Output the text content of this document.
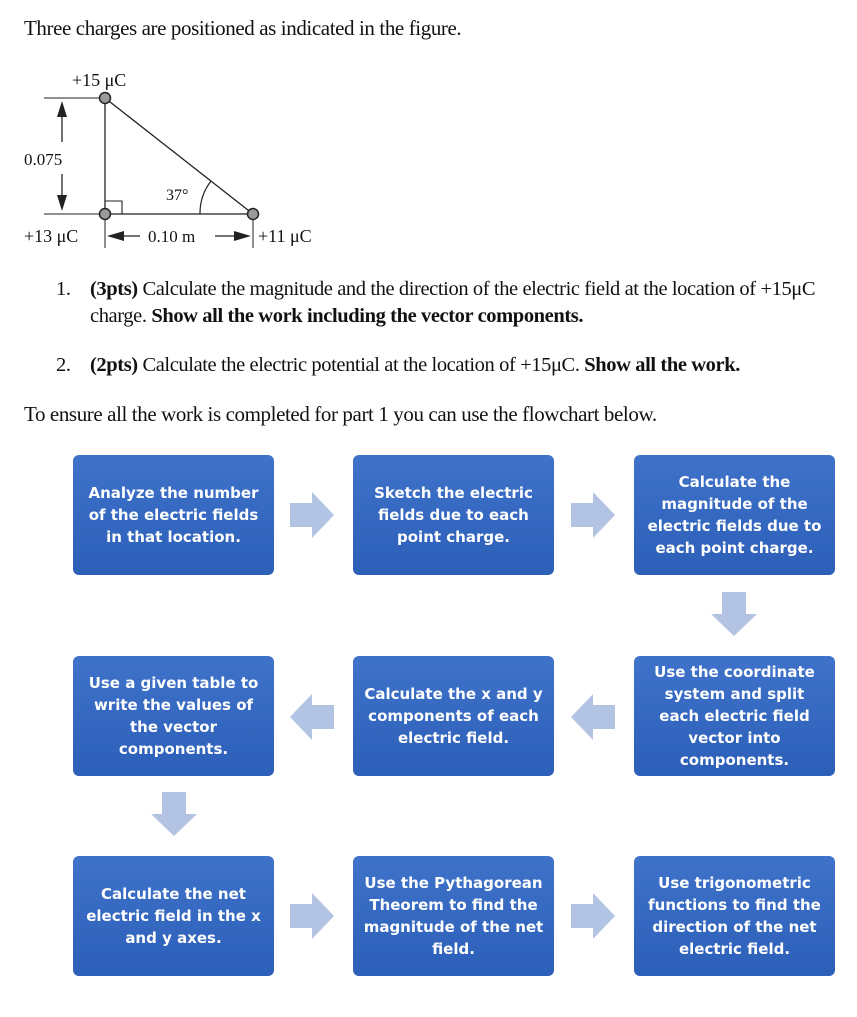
Three charges are positioned as indicated in the figure.

+15 μC
+13 μC	+11 μC
0.075
0.10 m
37°
1. (3pts) Calculate the magnitude and the direction of the electric field at the location of +15μC charge. Show all the work including the vector components.
2. (2pts) Calculate the electric potential at the location of +15μC. Show all the work.

To ensure all the work is completed for part 1 you can use the flowchart below.

Analyze the number of the electric fields in that location.
Sketch the electric fields due to each point charge.
Calculate the magnitude of the electric fields due to each point charge.
Use the coordinate system and split each electric field vector into components.
Calculate the x and y components of each electric field.
Use a given table to write the values of the vector components.
Calculate the net electric field in the x and y axes.
Use the Pythagorean Theorem to find the magnitude of the net field.
Use trigonometric functions to find the direction of the net electric field.
